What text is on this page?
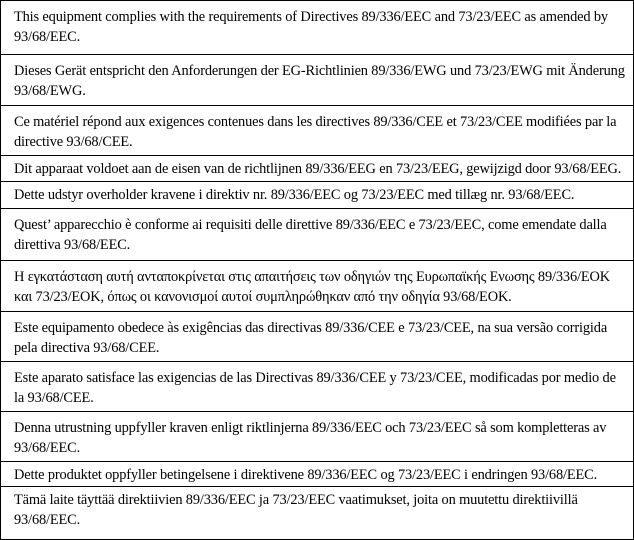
This equipment complies with the requirements of Directives 89/336/EEC and 73/23/EEC as amended by 93/68/EEC.
Dieses Gerät entspricht den Anforderungen der EG-Richtlinien 89/336/EWG und 73/23/EWG mit Änderung 93/68/EWG.
Ce matériel répond aux exigences contenues dans les directives 89/336/CEE et 73/23/CEE modifiées par la directive 93/68/CEE.
Dit apparaat voldoet aan de eisen van de richtlijnen 89/336/EEG en 73/23/EEG, gewijzigd door 93/68/EEG.
Dette udstyr overholder kravene i direktiv nr. 89/336/EEC og 73/23/EEC med tillæg nr. 93/68/EEC.
Quest’ apparecchio è conforme ai requisiti delle direttive 89/336/EEC e 73/23/EEC, come emendate dalla direttiva 93/68/EEC.
Η εγκατάσταση αυτή ανταποκρίνεται στις απαιτήσεις των οδηγιών της Ευρωπαϊκής Ενωσης 89/336/ΕΟΚ και 73/23/ΕΟΚ, όπως οι κανονισμοί αυτοί συμπληρώθηκαν από την οδηγία 93/68/ΕΟΚ.
Este equipamento obedece às exigências das directivas 89/336/CEE e 73/23/CEE, na sua versão corrigida pela directiva 93/68/CEE.
Este aparato satisface las exigencias de las Directivas 89/336/CEE y 73/23/CEE, modificadas por medio de la 93/68/CEE.
Denna utrustning uppfyller kraven enligt riktlinjerna 89/336/EEC och 73/23/EEC så som kompletteras av 93/68/EEC.
Dette produktet oppfyller betingelsene i direktivene 89/336/EEC og 73/23/EEC i endringen 93/68/EEC.
Tämä laite täyttää direktiivien 89/336/EEC ja 73/23/EEC vaatimukset, joita on muutettu direktiivillä 93/68/EEC.
